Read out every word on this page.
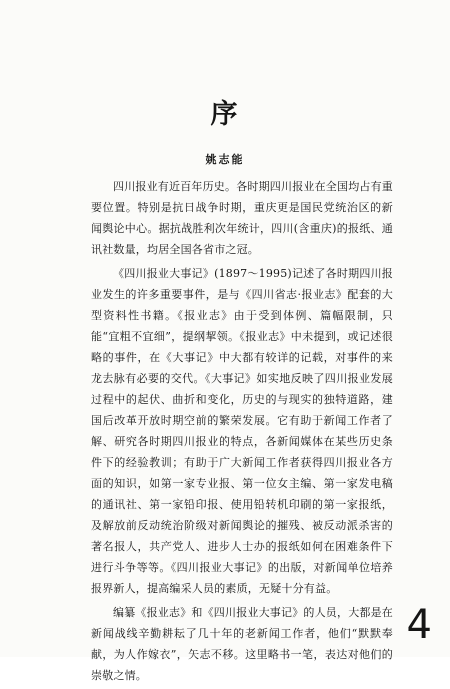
序
姚志能

四川报业有近百年历史。各时期四川报业在全国均占有重要位置。特别是抗日战争时期，重庆更是国民党统治区的新闻舆论中心。据抗战胜利次年统计，四川(含重庆)的报纸、通讯社数量，均居全国各省市之冠。

《四川报业大事记》(1897～1995)记述了各时期四川报业发生的许多重要事件，是与《四川省志·报业志》配套的大型资料性书籍。《报业志》由于受到体例、篇幅限制，只能“宜粗不宜细”，提纲挈领。《报业志》中未提到，或记述很略的事件，在《大事记》中大都有较详的记载，对事件的来龙去脉有必要的交代。《大事记》如实地反映了四川报业发展过程中的起伏、曲折和变化，历史的与现实的独特道路，建国后改革开放时期空前的繁荣发展。它有助于新闻工作者了解、研究各时期四川报业的特点，各新闻媒体在某些历史条件下的经验教训；有助于广大新闻工作者获得四川报业各方面的知识，如第一家专业报、第一位女主编、第一家发电稿的通讯社、第一家铅印报、使用铅转机印刷的第一家报纸，及解放前反动统治阶级对新闻舆论的摧残、被反动派杀害的著名报人，共产党人、进步人士办的报纸如何在困难条件下进行斗争等等。《四川报业大事记》的出版，对新闻单位培养报界新人，提高编采人员的素质，无疑十分有益。

编纂《报业志》和《四川报业大事记》的人员，大都是在新闻战线辛勤耕耘了几十年的老新闻工作者，他们“默默奉献，为人作嫁衣”，矢志不移。这里略书一笔，表达对他们的崇敬之情。

4
